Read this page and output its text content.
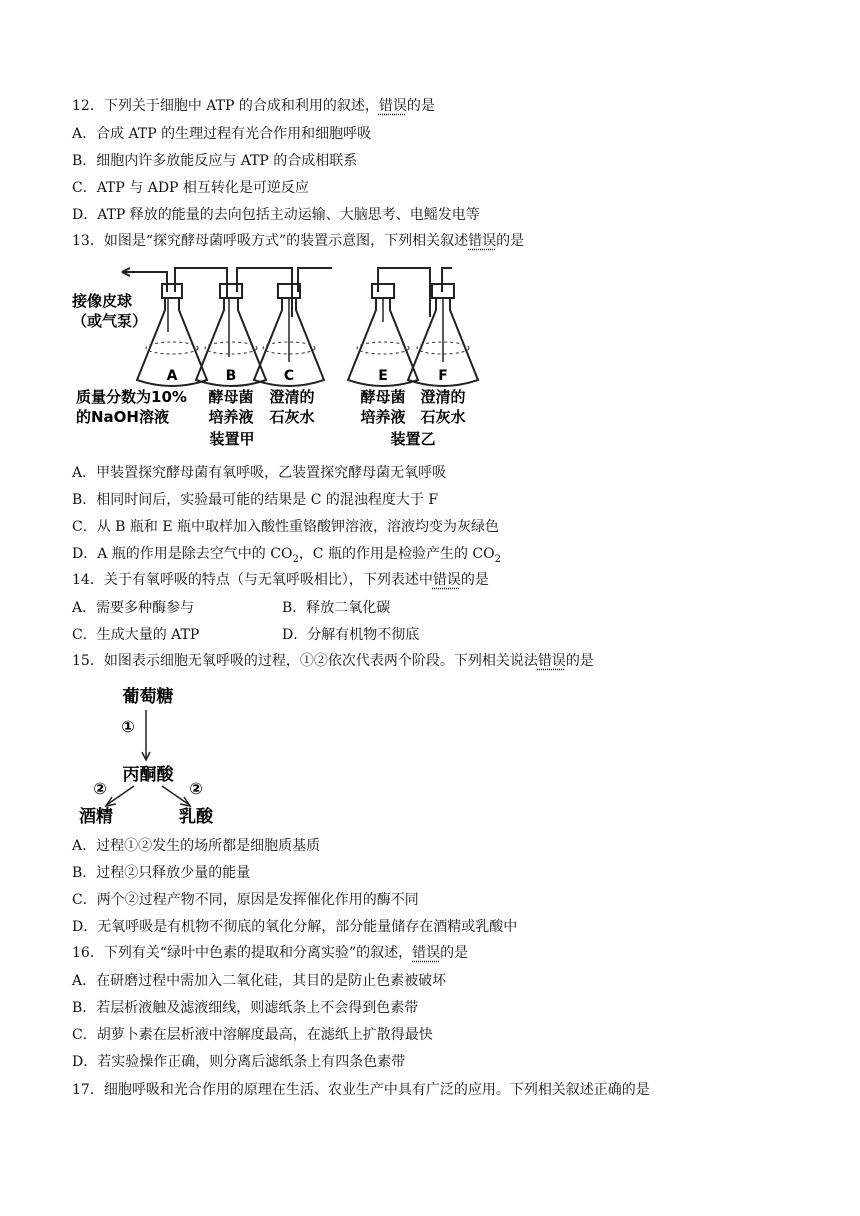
12．下列关于细胞中 ATP 的合成和利用的叙述，错误的是
A．合成 ATP 的生理过程有光合作用和细胞呼吸
B．细胞内许多放能反应与 ATP 的合成相联系
C．ATP 与 ADP 相互转化是可逆反应
D．ATP 释放的能量的去向包括主动运输、大脑思考、电鳐发电等
13．如图是“探究酵母菌呼吸方式”的装置示意图，下列相关叙述错误的是
A	B	C	E	F
接像皮球
（或气泵）
质量分数为10%
的NaOH溶液
酵母菌
培养液
澄清的
石灰水
酵母菌
培养液
澄清的
石灰水
装置甲	装置乙
A．甲装置探究酵母菌有氧呼吸，乙装置探究酵母菌无氧呼吸
B．相同时间后，实验最可能的结果是 C 的混浊程度大于 F
C．从 B 瓶和 E 瓶中取样加入酸性重铬酸钾溶液，溶液均变为灰绿色
D．A 瓶的作用是除去空气中的 $CO_2$，C 瓶的作用是检验产生的 $CO_2$
14．关于有氧呼吸的特点（与无氧呼吸相比），下列表述中错误的是
A．需要多种酶参与	B．释放二氧化碳
C．生成大量的 ATP	D．分解有机物不彻底
15．如图表示细胞无氧呼吸的过程，①②依次代表两个阶段。下列相关说法错误的是
葡萄糖
①
丙酮酸
②	②
酒精	乳酸
A．过程①②发生的场所都是细胞质基质
B．过程②只释放少量的能量
C．两个②过程产物不同，原因是发挥催化作用的酶不同
D．无氧呼吸是有机物不彻底的氧化分解，部分能量储存在酒精或乳酸中
16．下列有关“绿叶中色素的提取和分离实验”的叙述，错误的是
A．在研磨过程中需加入二氧化硅，其目的是防止色素被破坏
B．若层析液触及滤液细线，则滤纸条上不会得到色素带
C．胡萝卜素在层析液中溶解度最高，在滤纸上扩散得最快
D．若实验操作正确，则分离后滤纸条上有四条色素带
17．细胞呼吸和光合作用的原理在生活、农业生产中具有广泛的应用。下列相关叙述正确的是
